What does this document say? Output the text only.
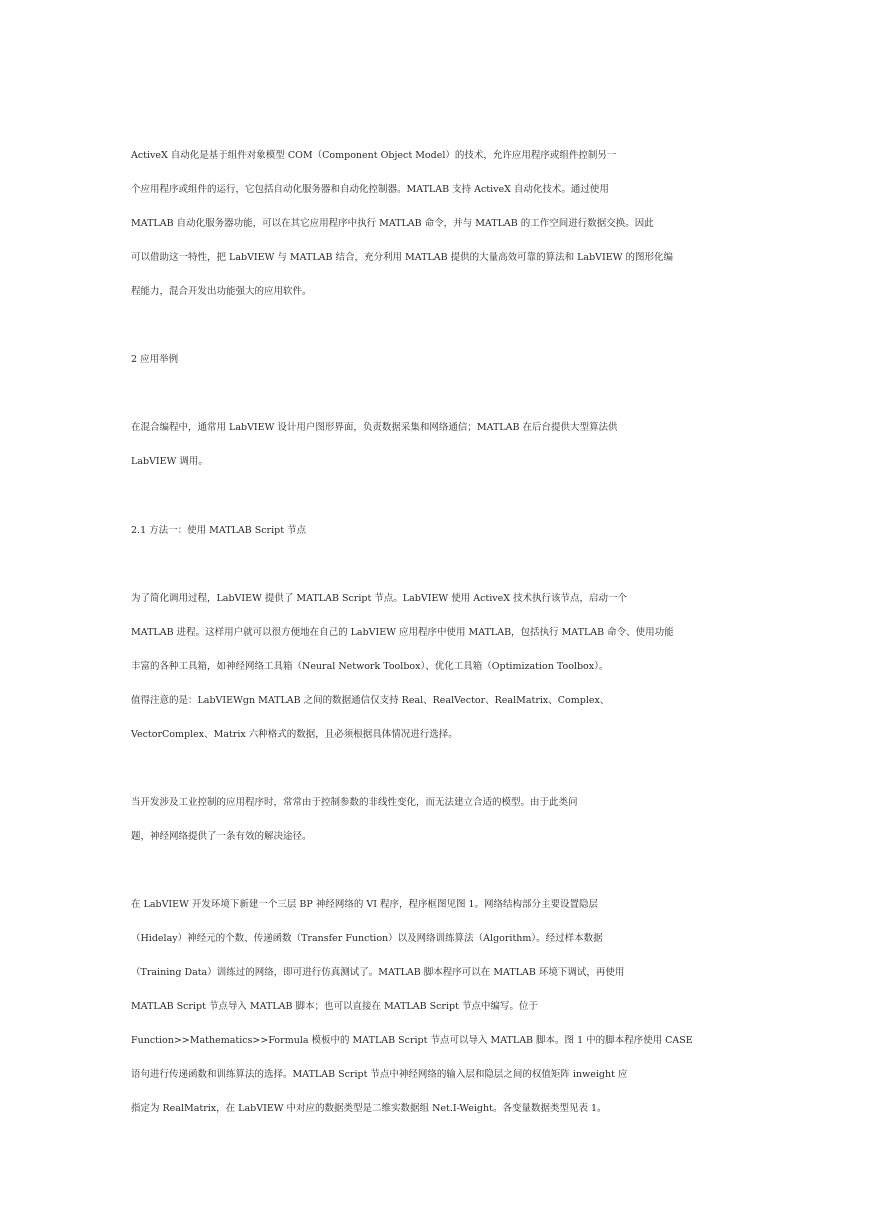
ActiveX 自动化是基于组件对象模型 COM（Component Object Model）的技术，允许应用程序或组件控制另一
个应用程序或组件的运行，它包括自动化服务器和自动化控制器。MATLAB 支持 ActiveX 自动化技术。通过使用
MATLAB 自动化服务器功能，可以在其它应用程序中执行 MATLAB 命令，并与 MATLAB 的工作空间进行数据交换。因此
可以借助这一特性，把 LabVIEW 与 MATLAB 结合，充分利用 MATLAB 提供的大量高效可靠的算法和 LabVIEW 的图形化编
程能力，混合开发出功能强大的应用软件。
2 应用举例
在混合编程中，通常用 LabVIEW 设计用户图形界面，负责数据采集和网络通信；MATLAB 在后台提供大型算法供
LabVIEW 调用。
2.1 方法一：使用 MATLAB Script 节点
为了简化调用过程，LabVIEW 提供了 MATLAB Script 节点。LabVIEW 使用 ActiveX 技术执行该节点，启动一个
MATLAB 进程。这样用户就可以很方便地在自己的 LabVIEW 应用程序中使用 MATLAB，包括执行 MATLAB 命令、使用功能
丰富的各种工具箱，如神经网络工具箱（Neural Network Toolbox）、优化工具箱（Optimization Toolbox）。
值得注意的是：LabVIEWgn MATLAB 之间的数据通信仅支持 Real、RealVector、RealMatrix、Complex、
VectorComplex、Matrix 六种格式的数据，且必须根据具体情况进行选择。
当开发涉及工业控制的应用程序时，常常由于控制参数的非线性变化，而无法建立合适的模型。由于此类问
题，神经网络提供了一条有效的解决途径。
在 LabVIEW 开发环境下新建一个三层 BP 神经网络的 VI 程序，程序框图见图 1。网络结构部分主要设置隐层
（Hidelay）神经元的个数、传递函数（Transfer Function）以及网络训练算法（Algorithm）。经过样本数据
（Training Data）训练过的网络，即可进行仿真测试了。MATLAB 脚本程序可以在 MATLAB 环境下调试，再使用
MATLAB Script 节点导入 MATLAB 脚本；也可以直接在 MATLAB Script 节点中编写。位于
Function>>Mathematics>>Formula 模板中的 MATLAB Script 节点可以导入 MATLAB 脚本。图 1 中的脚本程序使用 CASE
语句进行传递函数和训练算法的选择。MATLAB Script 节点中神经网络的输入层和隐层之间的权值矩阵 inweight 应
指定为 RealMatrix，在 LabVIEW 中对应的数据类型是二维实数据组 Net.I-Weight。各变量数据类型见表 1。
